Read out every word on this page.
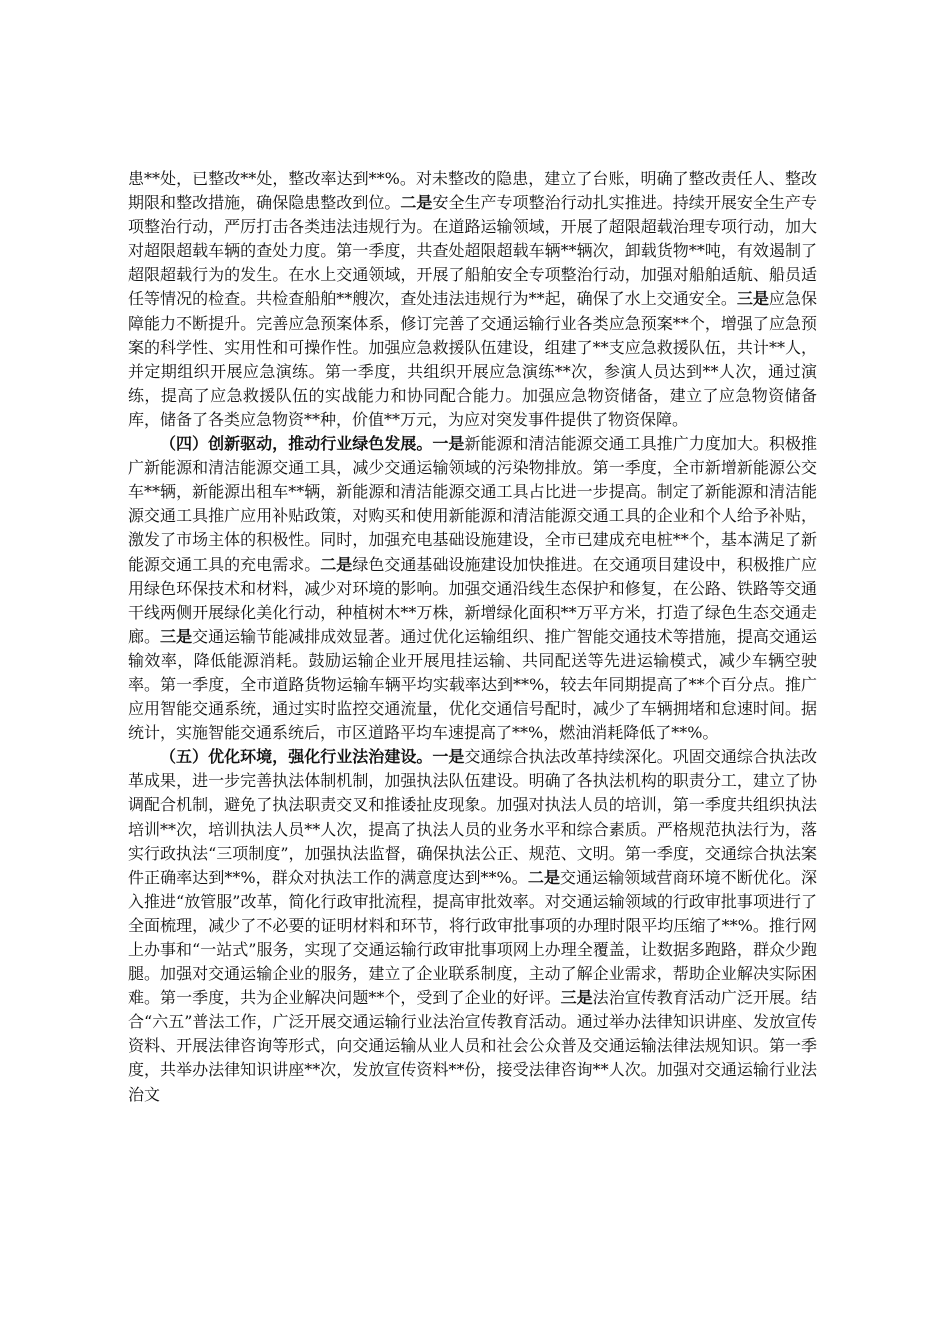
患**处，已整改**处，整改率达到**%。对未整改的隐患，建立了台账，明确了整改责任人、整改期限和整改措施，确保隐患整改到位。二是安全生产专项整治行动扎实推进。持续开展安全生产专项整治行动，严厉打击各类违法违规行为。在道路运输领域，开展了超限超载治理专项行动，加大对超限超载车辆的查处力度。第一季度，共查处超限超载车辆**辆次，卸载货物**吨，有效遏制了超限超载行为的发生。在水上交通领域，开展了船舶安全专项整治行动，加强对船舶适航、船员适任等情况的检查。共检查船舶**艘次，查处违法违规行为**起，确保了水上交通安全。三是应急保障能力不断提升。完善应急预案体系，修订完善了交通运输行业各类应急预案**个，增强了应急预案的科学性、实用性和可操作性。加强应急救援队伍建设，组建了**支应急救援队伍，共计**人，并定期组织开展应急演练。第一季度，共组织开展应急演练**次，参演人员达到**人次，通过演练，提高了应急救援队伍的实战能力和协同配合能力。加强应急物资储备，建立了应急物资储备库，储备了各类应急物资**种，价值**万元，为应对突发事件提供了物资保障。

（四）创新驱动，推动行业绿色发展。一是新能源和清洁能源交通工具推广力度加大。积极推广新能源和清洁能源交通工具，减少交通运输领域的污染物排放。第一季度，全市新增新能源公交车**辆，新能源出租车**辆，新能源和清洁能源交通工具占比进一步提高。制定了新能源和清洁能源交通工具推广应用补贴政策，对购买和使用新能源和清洁能源交通工具的企业和个人给予补贴，激发了市场主体的积极性。同时，加强充电基础设施建设，全市已建成充电桩**个，基本满足了新能源交通工具的充电需求。二是绿色交通基础设施建设加快推进。在交通项目建设中，积极推广应用绿色环保技术和材料，减少对环境的影响。加强交通沿线生态保护和修复，在公路、铁路等交通干线两侧开展绿化美化行动，种植树木**万株，新增绿化面积**万平方米，打造了绿色生态交通走廊。三是交通运输节能减排成效显著。通过优化运输组织、推广智能交通技术等措施，提高交通运输效率，降低能源消耗。鼓励运输企业开展甩挂运输、共同配送等先进运输模式，减少车辆空驶率。第一季度，全市道路货物运输车辆平均实载率达到**%，较去年同期提高了**个百分点。推广应用智能交通系统，通过实时监控交通流量，优化交通信号配时，减少了车辆拥堵和怠速时间。据统计，实施智能交通系统后，市区道路平均车速提高了**%，燃油消耗降低了**%。

（五）优化环境，强化行业法治建设。一是交通综合执法改革持续深化。巩固交通综合执法改革成果，进一步完善执法体制机制，加强执法队伍建设。明确了各执法机构的职责分工，建立了协调配合机制，避免了执法职责交叉和推诿扯皮现象。加强对执法人员的培训，第一季度共组织执法培训**次，培训执法人员**人次，提高了执法人员的业务水平和综合素质。严格规范执法行为，落实行政执法“三项制度”，加强执法监督，确保执法公正、规范、文明。第一季度，交通综合执法案件正确率达到**%，群众对执法工作的满意度达到**%。二是交通运输领域营商环境不断优化。深入推进“放管服”改革，简化行政审批流程，提高审批效率。对交通运输领域的行政审批事项进行了全面梳理，减少了不必要的证明材料和环节，将行政审批事项的办理时限平均压缩了**%。推行网上办事和“一站式”服务，实现了交通运输行政审批事项网上办理全覆盖，让数据多跑路，群众少跑腿。加强对交通运输企业的服务，建立了企业联系制度，主动了解企业需求，帮助企业解决实际困难。第一季度，共为企业解决问题**个，受到了企业的好评。三是法治宣传教育活动广泛开展。结合“六五”普法工作，广泛开展交通运输行业法治宣传教育活动。通过举办法律知识讲座、发放宣传资料、开展法律咨询等形式，向交通运输从业人员和社会公众普及交通运输法律法规知识。第一季度，共举办法律知识讲座**次，发放宣传资料**份，接受法律咨询**人次。加强对交通运输行业法治文
